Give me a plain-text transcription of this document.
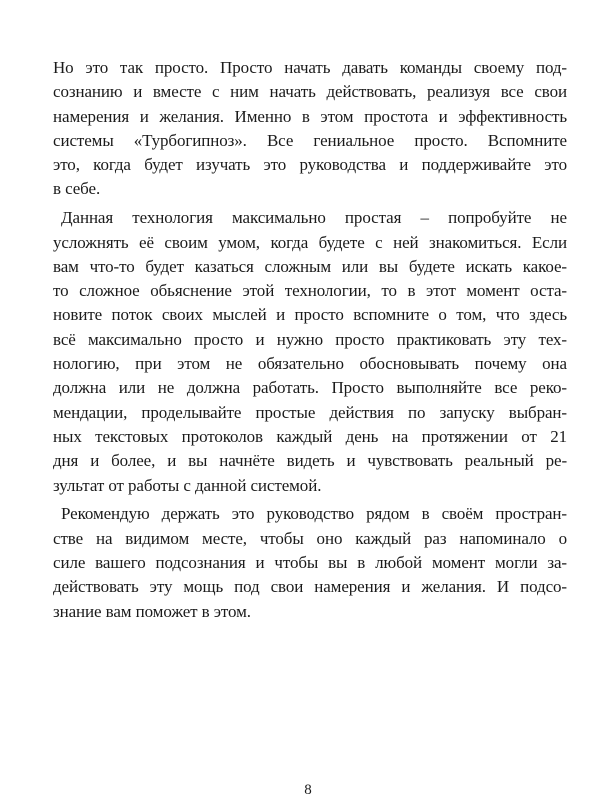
Но это так просто. Просто начать давать команды своему под-
сознанию и вместе с ним начать действовать, реализуя все свои
намерения и желания. Именно в этом простота и эффективность
системы «Турбогипноз». Все гениальное просто. Вспомните
это, когда будет изучать это руководства и поддерживайте это
в себе.
Данная технология максимально простая – попробуйте не
усложнять её своим умом, когда будете с ней знакомиться. Если
вам что-то будет казаться сложным или вы будете искать какое-
то сложное обьяснение этой технологии, то в этот момент оста-
новите поток своих мыслей и просто вспомните о том, что здесь
всё максимально просто и нужно просто практиковать эту тех-
нологию, при этом не обязательно обосновывать почему она
должна или не должна работать. Просто выполняйте все реко-
мендации, проделывайте простые действия по запуску выбран-
ных текстовых протоколов каждый день на протяжении от 21
дня и более, и вы начнёте видеть и чувствовать реальный ре-
зультат от работы с данной системой.
Рекомендую держать это руководство рядом в своём простран-
стве на видимом месте, чтобы оно каждый раз напоминало о
силе вашего подсознания и чтобы вы в любой момент могли за-
действовать эту мощь под свои намерения и желания. И подсо-
знание вам поможет в этом.
8
